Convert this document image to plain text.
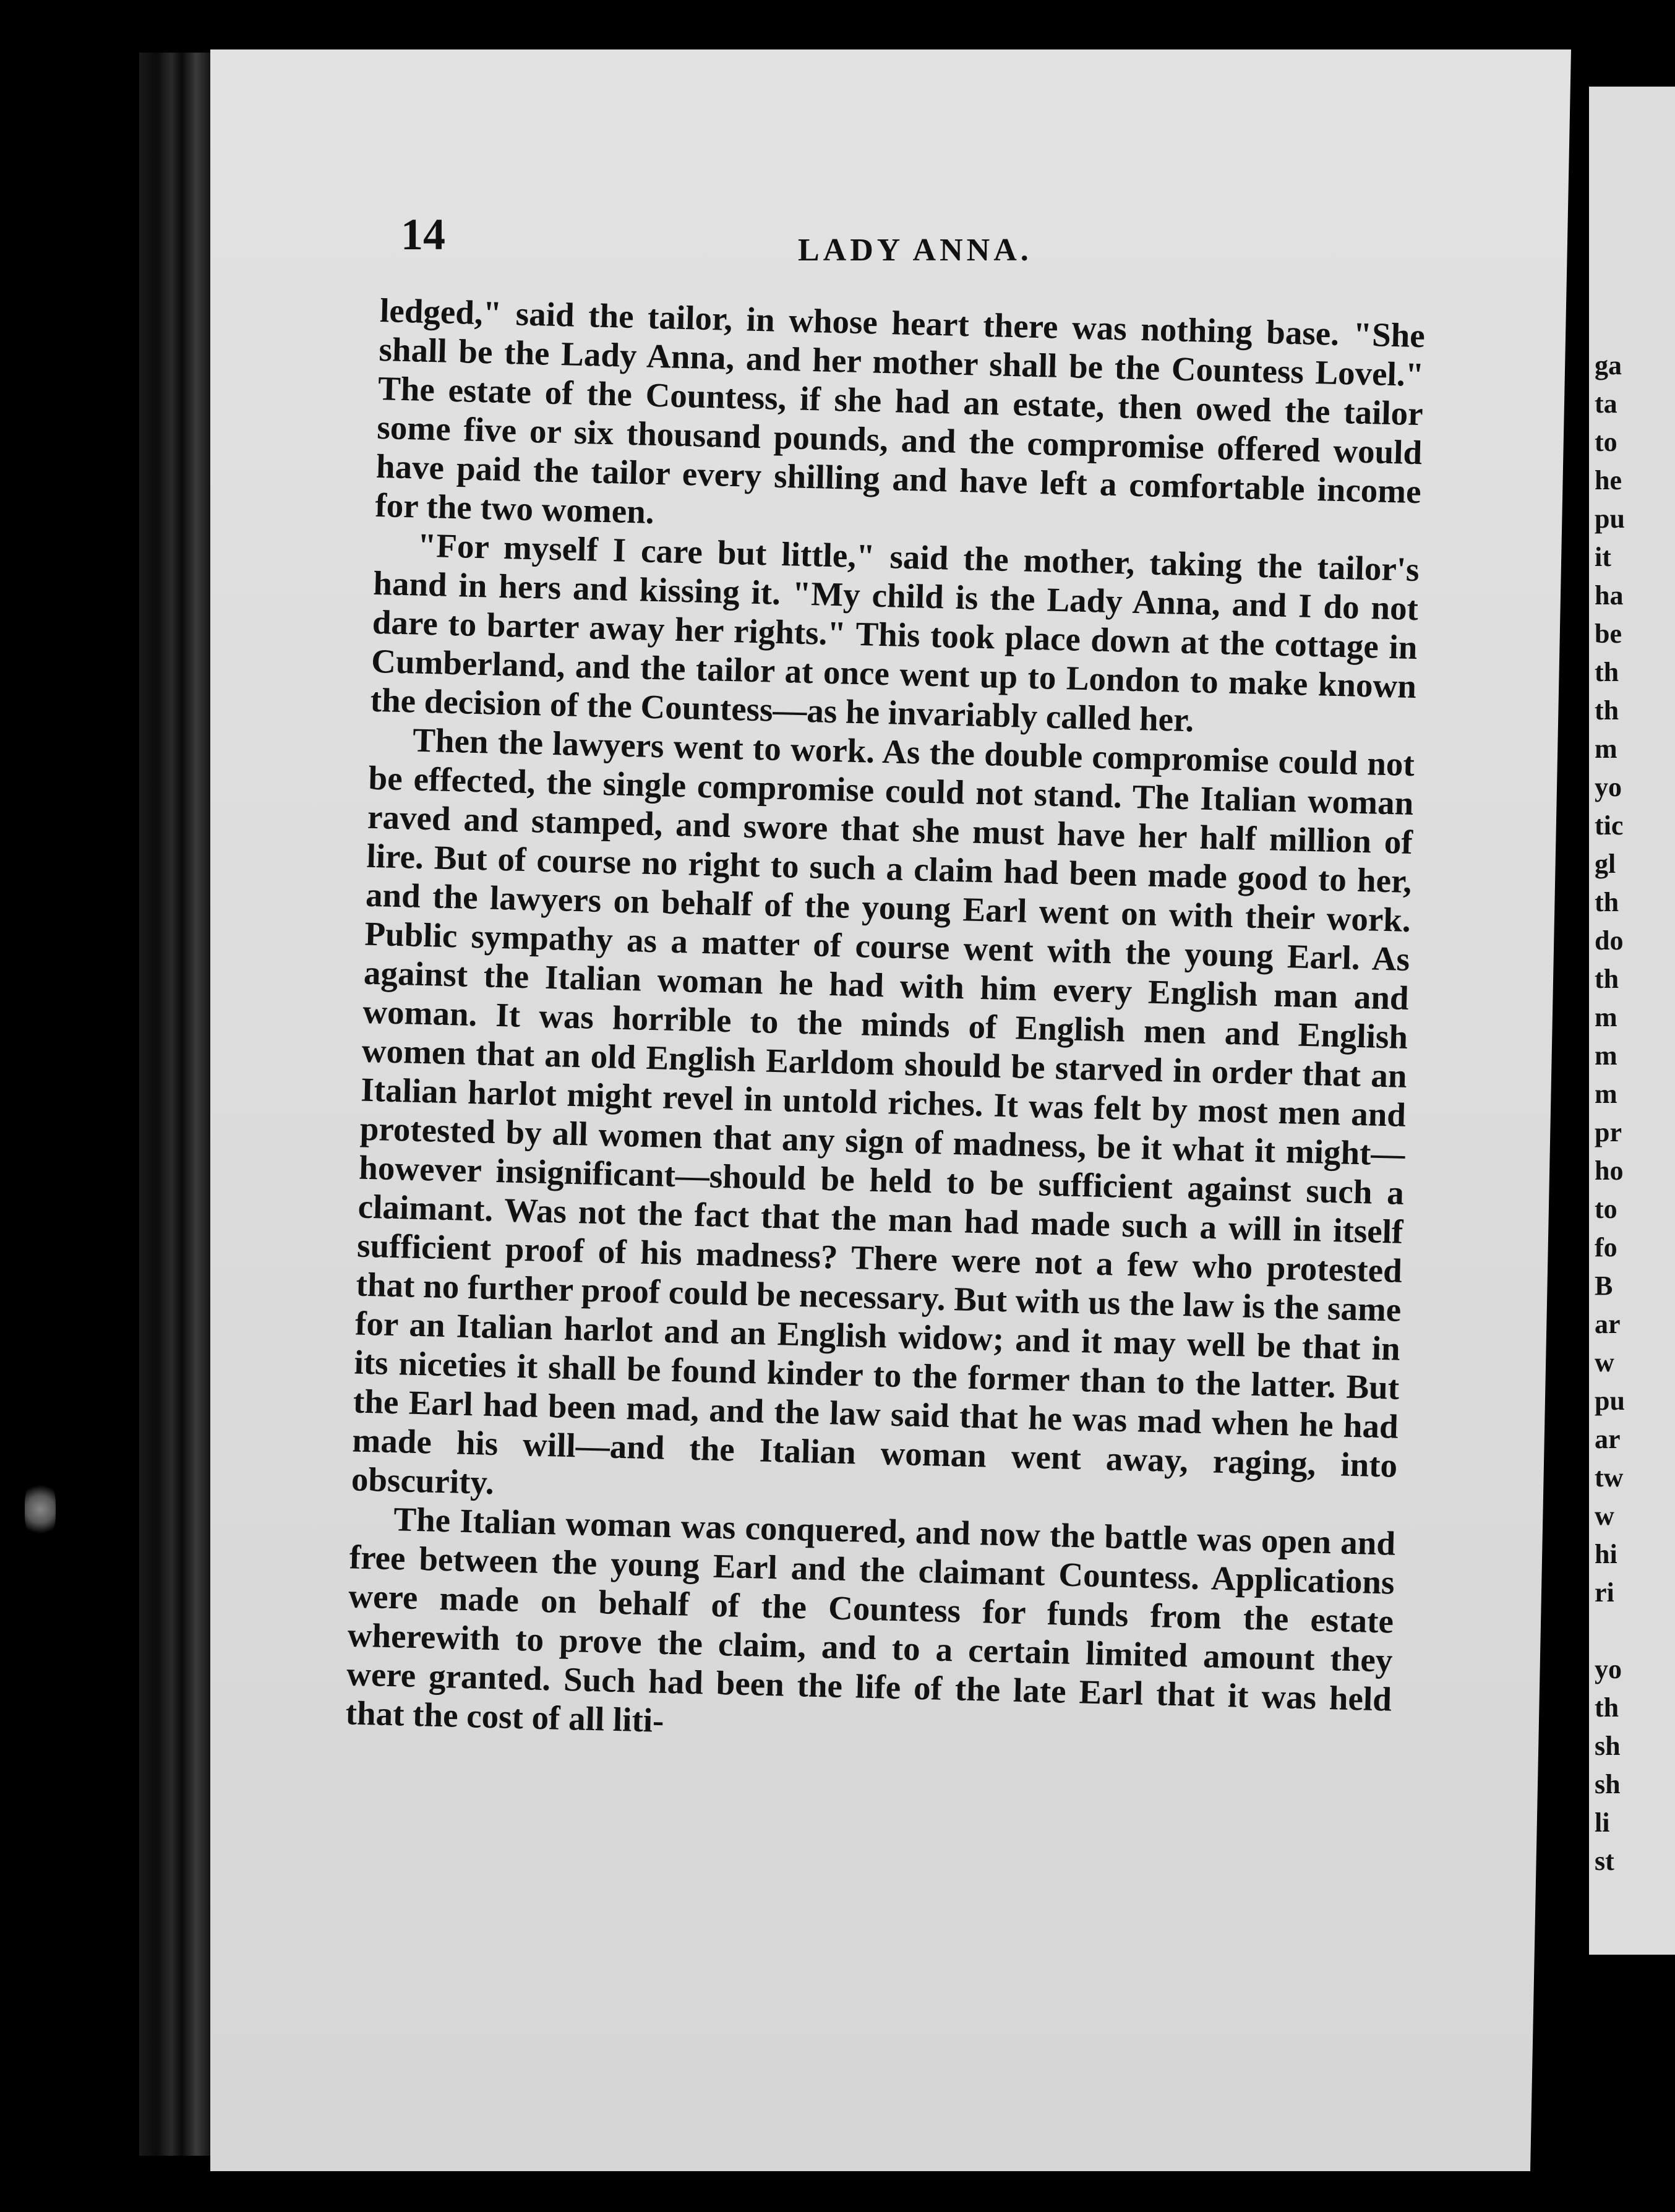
ga
ta
to
he
pu
it
ha
be
th
th
m
yo
tic
gl
th
do
th
m
m
m
pr
ho
to
fo
B
ar
w
pu
ar
tw
w
hi
ri

yo
th
sh
sh
li
st
14	LADY ANNA.

ledged," said the tailor, in whose heart there was nothing base. "She shall be the Lady Anna, and her mother shall be the Countess Lovel." The estate of the Countess, if she had an estate, then owed the tailor some five or six thousand pounds, and the compromise offered would have paid the tailor every shilling and have left a comfortable income for the two women.

"For myself I care but little," said the mother, taking the tailor's hand in hers and kissing it. "My child is the Lady Anna, and I do not dare to barter away her rights." This took place down at the cottage in Cumberland, and the tailor at once went up to London to make known the decision of the Countess—as he invariably called her.

Then the lawyers went to work. As the double compromise could not be effected, the single compromise could not stand. The Italian woman raved and stamped, and swore that she must have her half million of lire. But of course no right to such a claim had been made good to her, and the lawyers on behalf of the young Earl went on with their work. Public sympathy as a matter of course went with the young Earl. As against the Italian woman he had with him every English man and woman. It was horrible to the minds of English men and English women that an old English Earldom should be starved in order that an Italian harlot might revel in untold riches. It was felt by most men and protested by all women that any sign of madness, be it what it might—however insignificant—should be held to be sufficient against such a claimant. Was not the fact that the man had made such a will in itself sufficient proof of his madness? There were not a few who protested that no further proof could be necessary. But with us the law is the same for an Italian harlot and an English widow; and it may well be that in its niceties it shall be found kinder to the former than to the latter. But the Earl had been mad, and the law said that he was mad when he had made his will—and the Italian woman went away, raging, into obscurity.

The Italian woman was conquered, and now the battle was open and free between the young Earl and the claimant Countess. Applications were made on behalf of the Countess for funds from the estate wherewith to prove the claim, and to a certain limited amount they were granted. Such had been the life of the late Earl that it was held that the cost of all liti-
